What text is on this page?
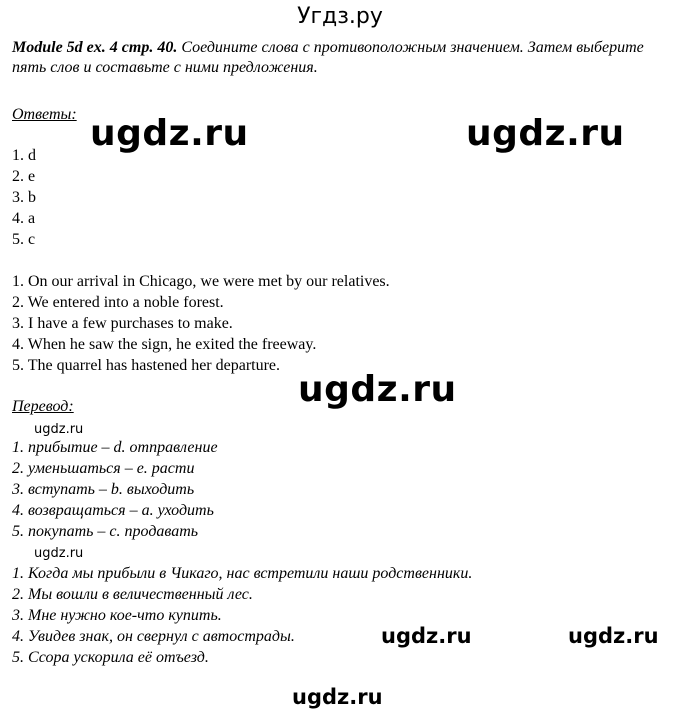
Угдз.ру
Module 5d ex. 4 стр. 40. Соедините слова с противоположным значением. Затем выберите пять слов и составьте с ними предложения.
Ответы:
1. d
2. e
3. b
4. a
5. c
1. On our arrival in Chicago, we were met by our relatives.
2. We entered into a noble forest.
3. I have a few purchases to make.
4. When he saw the sign, he exited the freeway.
5. The quarrel has hastened her departure.
Перевод:
1. прибытие – d. отправление
2. уменьшаться – е. расти
3. вступать – b. выходить
4. возвращаться – а. уходить
5. покупать – с. продавать
1. Когда мы прибыли в Чикаго, нас встретили наши родственники.
2. Мы вошли в величественный лес.
3. Мне нужно кое-что купить.
4. Увидев знак, он свернул с автострады.
5. Ссора ускорила её отъезд.
ugdz.ru	ugdz.ru
ugdz.ru
ugdz.ru
ugdz.ru
ugdz.ru	ugdz.ru
ugdz.ru
